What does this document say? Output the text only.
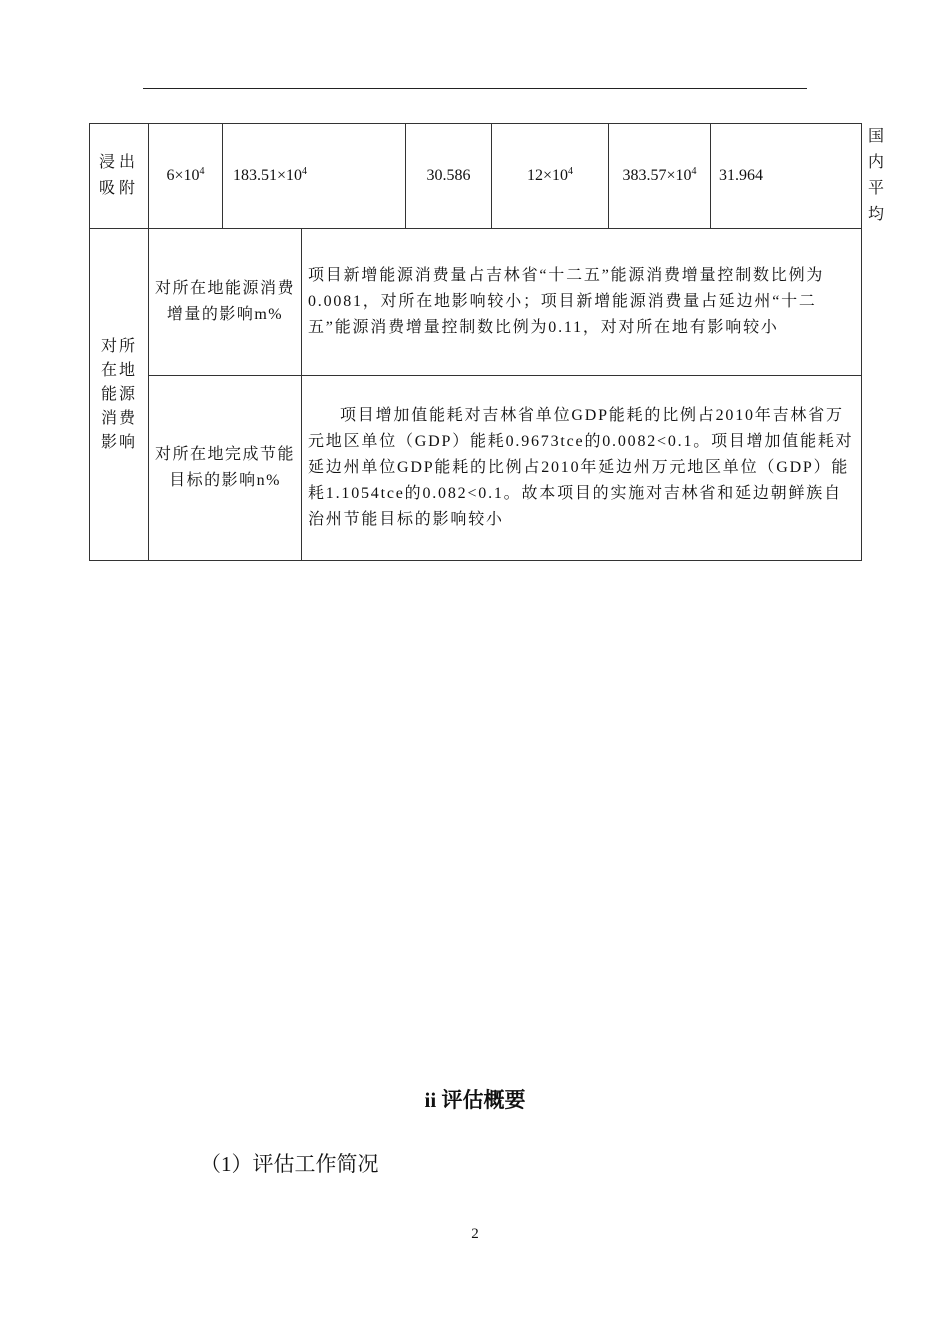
浸出吸附	$6\times 10^4$	$183.51\times 10^4$		30.586	$12\times 10^4$	$383.57\times 10^4$	31.964	国内平均
对所在地能源消费影响	对所在地能源消费增量的影响m%		项目新增能源消费量占吉林省“十二五”能源消费增量控制数比例为0.0081，对所在地影响较小；项目新增能源消费量占延边州“十二五”能源消费增量控制数比例为0.11，对对所在地有影响较小					
	对所在地完成节能目标的影响n%		项目增加值能耗对吉林省单位GDP能耗的比例占2010年吉林省万元地区单位（GDP）能耗0.9673tce的0.0082<0.1。项目增加值能耗对延边州单位GDP能耗的比例占2010年延边州万元地区单位（GDP）能耗1.1054tce的0.082<0.1。故本项目的实施对吉林省和延边朝鲜族自治州节能目标的影响较小					
ii 评估概要
（1）评估工作简况
2
